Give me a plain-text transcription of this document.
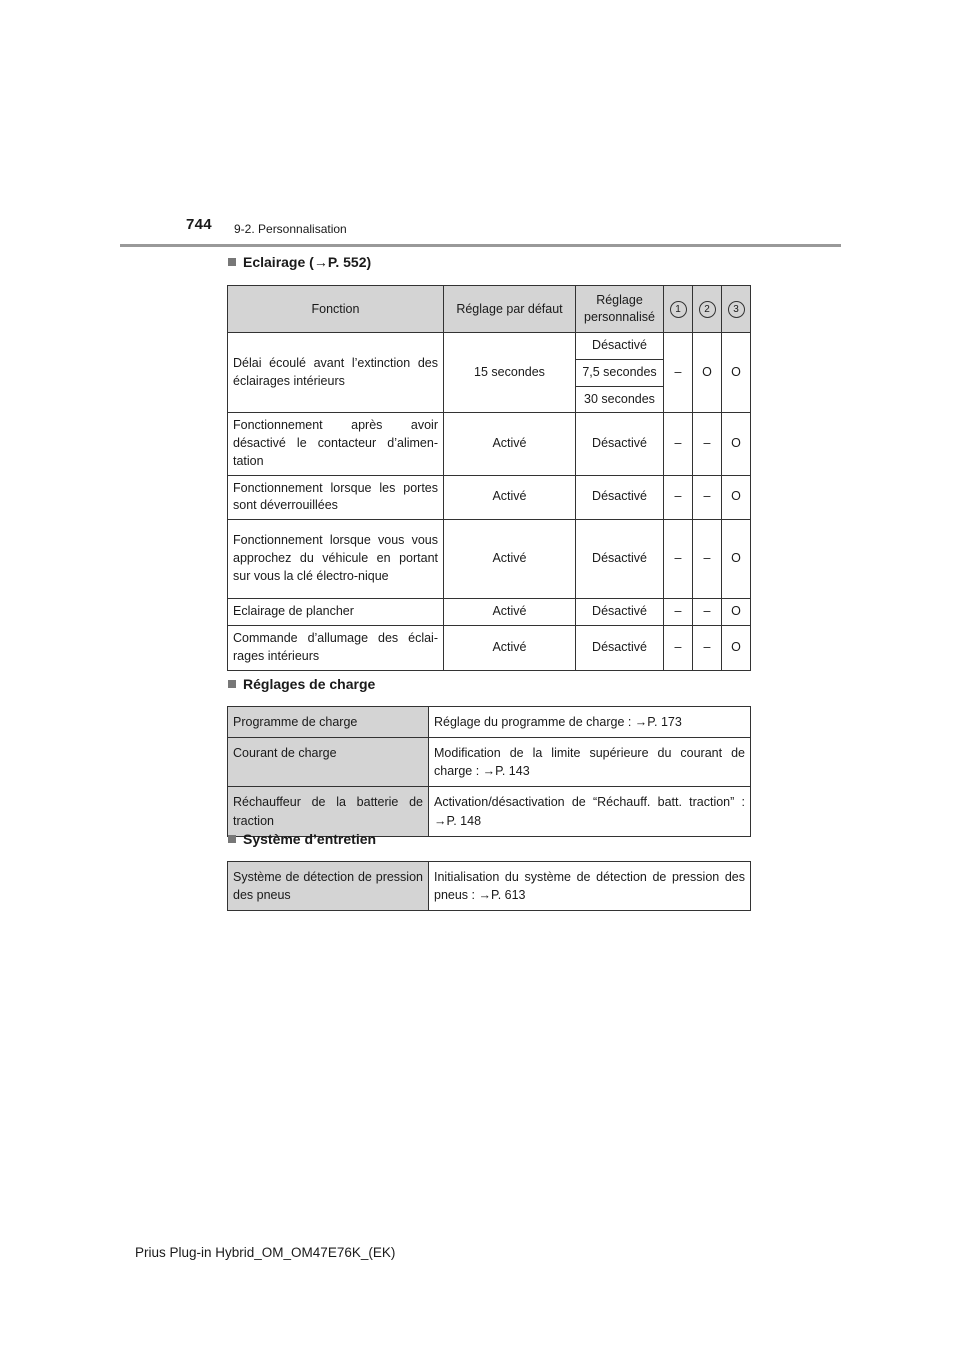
744 9-2. Personnalisation
Eclairage (→P. 552)
Fonction	Réglage par défaut	Réglage personnalisé	1	2	3
Délai écoulé avant l’extinction des éclairages intérieurs	15 secondes	Désactivé	–	O	O
		7,5 secondes			
		30 secondes			
Fonctionnement après avoir désactivé le contacteur d’alimen-tation	Activé	Désactivé	–	–	O
Fonctionnement lorsque les portes sont déverrouillées	Activé	Désactivé	–	–	O
Fonctionnement lorsque vous vous approchez du véhicule en portant sur vous la clé électro-nique	Activé	Désactivé	–	–	O
Eclairage de plancher	Activé	Désactivé	–	–	O
Commande d’allumage des éclai-rages intérieurs	Activé	Désactivé	–	–	O
Réglages de charge
Programme de charge	Réglage du programme de charge : →P. 173
Courant de charge	Modification de la limite supérieure du courant de charge : →P. 143
Réchauffeur de la batterie de traction	Activation/désactivation de “Réchauff. batt. traction” : →P. 148
Système d’entretien
Système de détection de pression des pneus	Initialisation du système de détection de pression des pneus : →P. 613
Prius Plug-in Hybrid_OM_OM47E76K_(EK)
